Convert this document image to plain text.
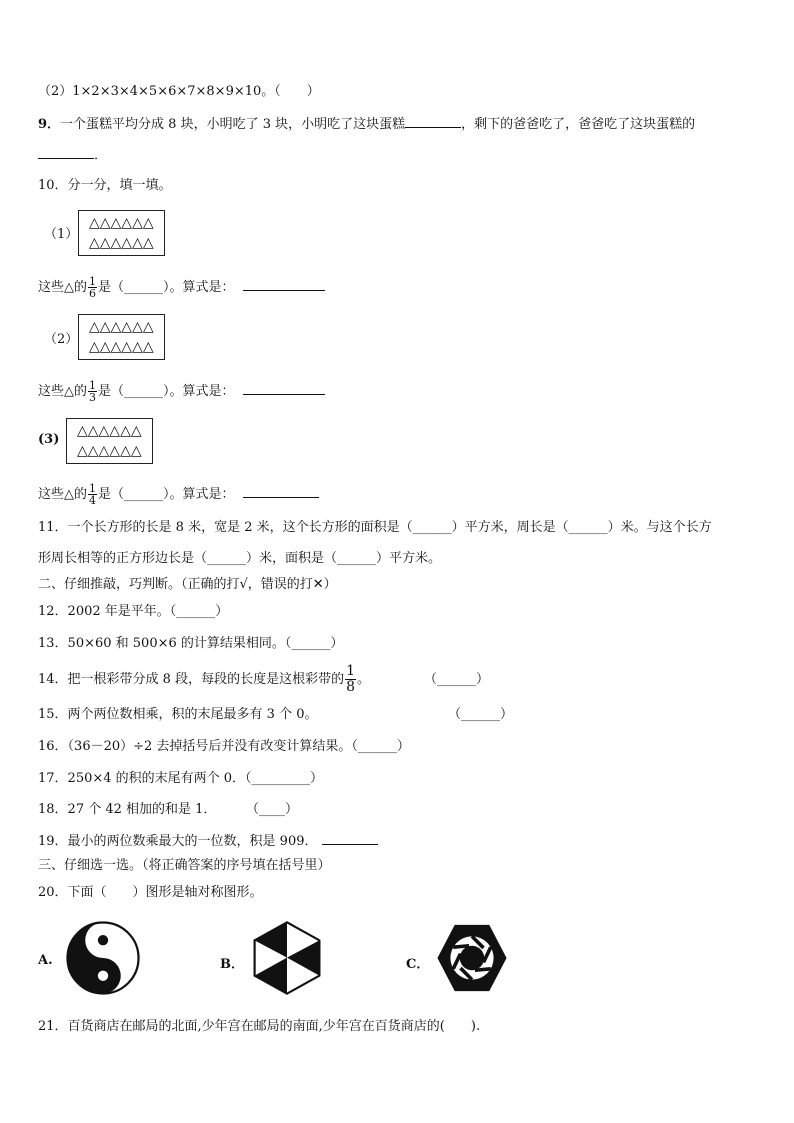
（2）1×2×3×4×5×6×7×8×9×10。（　　）
9．一个蛋糕平均分成 8 块，小明吃了 3 块，小明吃了这块蛋糕	，剩下的爸爸吃了，爸爸吃了这块蛋糕的
．
10．分一分，填一填。
（1）
△△△△△△
△△△△△△
这些△的 $\frac{1}{6}$ 是（______）。算式是：
（2）
△△△△△△
△△△△△△
这些△的 $\frac{1}{3}$ 是（______）。算式是：
(3)
△△△△△△
△△△△△△
这些△的 $\frac{1}{4}$ 是（______）。算式是：
11．一个长方形的长是 8 米，宽是 2 米，这个长方形的面积是（______）平方米，周长是（______）米。与这个长方
形周长相等的正方形边长是（______）米，面积是（______）平方米。
二、仔细推敲，巧判断。（正确的打√，错误的打✕）
12．2002 年是平年。（______）
13．50×60 和 500×6 的计算结果相同。（______）
14．把一根彩带分成 8 段，每段的长度是这根彩带的 $\frac{1}{8}$ 。	（______）
15．两个两位数相乘，积的末尾最多有 3 个 0。	（______）
16．（36－20）÷2 去掉括号后并没有改变计算结果。（______）
17．250×4 的积的末尾有两个 0．（_________）
18．27 个 42 相加的和是 1． （____）
19．最小的两位数乘最大的一位数，积是 909．
三、仔细选一选。（将正确答案的序号填在括号里）
20．下面（　　）图形是轴对称图形。
A.	B．	C．
21．百货商店在邮局的北面,少年宫在邮局的南面,少年宫在百货商店的(　　).
